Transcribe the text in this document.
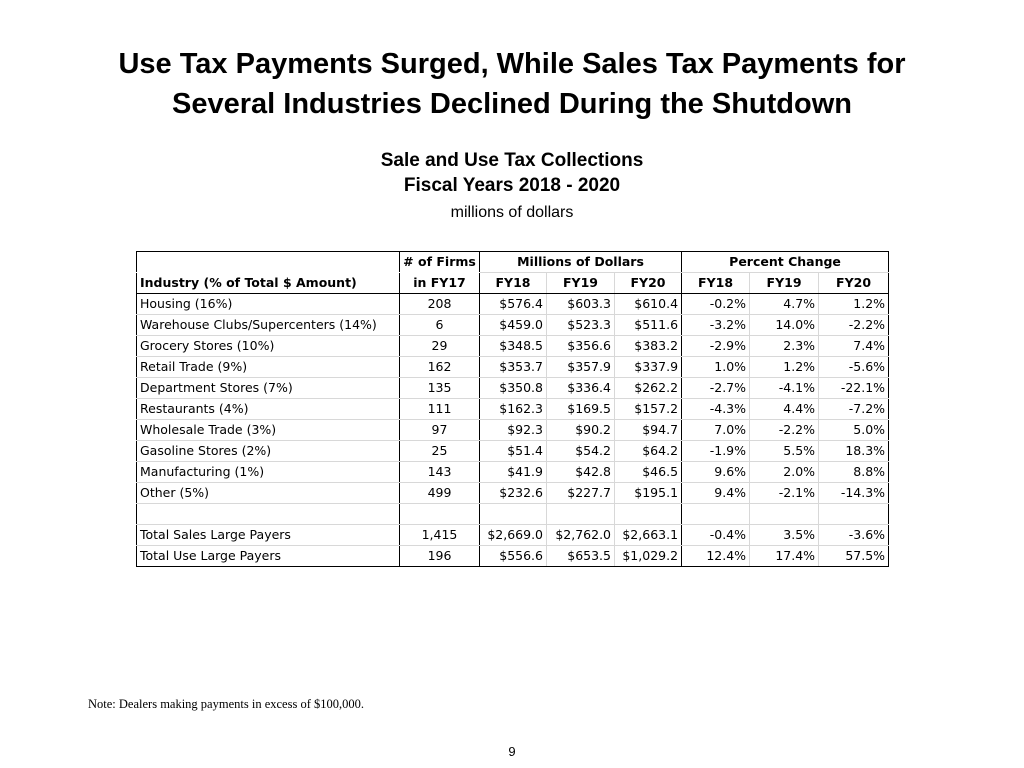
Use Tax Payments Surged, While Sales Tax Payments for
Several Industries Declined During the Shutdown
Sale and Use Tax Collections
Fiscal Years 2018 - 2020
millions of dollars
	# of Firms	Millions of Dollars			Percent Change		
Industry (% of Total $ Amount)	in FY17	FY18	FY19	FY20	FY18	FY19	FY20
Housing (16%)	208	$576.4	$603.3	$610.4	-0.2%	4.7%	1.2%
Warehouse Clubs/Supercenters (14%)	6	$459.0	$523.3	$511.6	-3.2%	14.0%	-2.2%
Grocery Stores (10%)	29	$348.5	$356.6	$383.2	-2.9%	2.3%	7.4%
Retail Trade (9%)	162	$353.7	$357.9	$337.9	1.0%	1.2%	-5.6%
Department Stores (7%)	135	$350.8	$336.4	$262.2	-2.7%	-4.1%	-22.1%
Restaurants (4%)	111	$162.3	$169.5	$157.2	-4.3%	4.4%	-7.2%
Wholesale Trade (3%)	97	$92.3	$90.2	$94.7	7.0%	-2.2%	5.0%
Gasoline Stores (2%)	25	$51.4	$54.2	$64.2	-1.9%	5.5%	18.3%
Manufacturing (1%)	143	$41.9	$42.8	$46.5	9.6%	2.0%	8.8%
Other (5%)	499	$232.6	$227.7	$195.1	9.4%	-2.1%	-14.3%

Total Sales Large Payers	1,415	$2,669.0	$2,762.0	$2,663.1	-0.4%	3.5%	-3.6%
Total Use Large Payers	196	$556.6	$653.5	$1,029.2	12.4%	17.4%	57.5%
Note: Dealers making payments in excess of $100,000.
9
